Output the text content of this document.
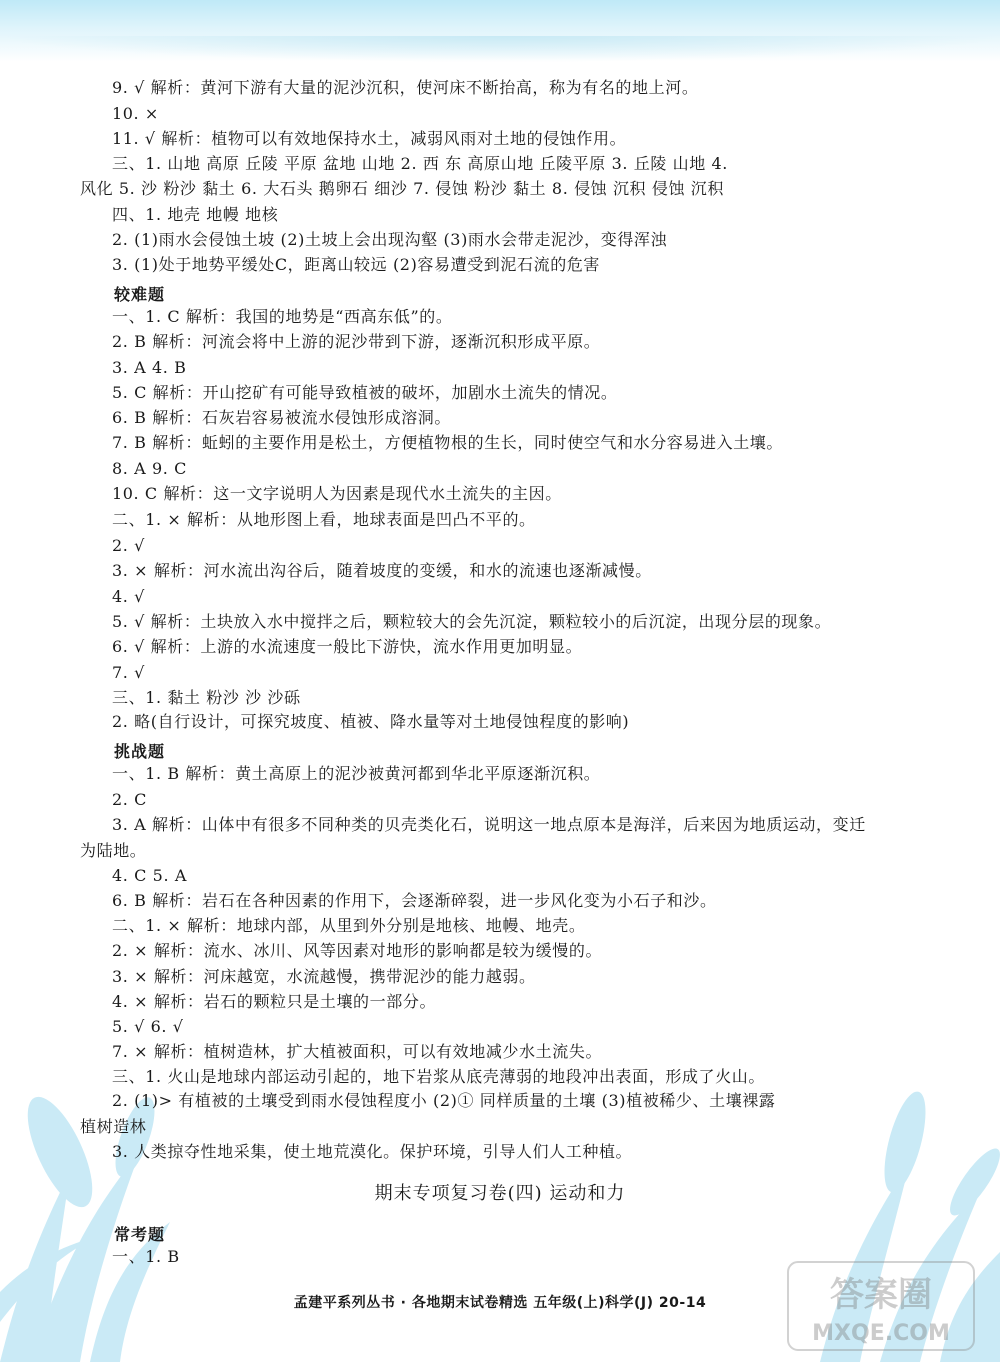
9. √ 解析：黄河下游有大量的泥沙沉积，使河床不断抬高，称为有名的地上河。
10. ×
11. √ 解析：植物可以有效地保持水土，减弱风雨对土地的侵蚀作用。
三、1. 山地 高原 丘陵 平原 盆地 山地 2. 西 东 高原山地 丘陵平原 3. 丘陵 山地 4.
风化 5. 沙 粉沙 黏土 6. 大石头 鹅卵石 细沙 7. 侵蚀 粉沙 黏土 8. 侵蚀 沉积 侵蚀 沉积
四、1. 地壳 地幔 地核
2. (1)雨水会侵蚀土坡 (2)土坡上会出现沟壑 (3)雨水会带走泥沙，变得浑浊
3. (1)处于地势平缓处C，距离山较远 (2)容易遭受到泥石流的危害
较难题
一、1. C 解析：我国的地势是“西高东低”的。
2. B 解析：河流会将中上游的泥沙带到下游，逐渐沉积形成平原。
3. A 4. B
5. C 解析：开山挖矿有可能导致植被的破坏，加剧水土流失的情况。
6. B 解析：石灰岩容易被流水侵蚀形成溶洞。
7. B 解析：蚯蚓的主要作用是松土，方便植物根的生长，同时使空气和水分容易进入土壤。
8. A 9. C
10. C 解析：这一文字说明人为因素是现代水土流失的主因。
二、1. × 解析：从地形图上看，地球表面是凹凸不平的。
2. √
3. × 解析：河水流出沟谷后，随着坡度的变缓，和水的流速也逐渐减慢。
4. √
5. √ 解析：土块放入水中搅拌之后，颗粒较大的会先沉淀，颗粒较小的后沉淀，出现分层的现象。
6. √ 解析：上游的水流速度一般比下游快，流水作用更加明显。
7. √
三、1. 黏土 粉沙 沙 沙砾
2. 略(自行设计，可探究坡度、植被、降水量等对土地侵蚀程度的影响)
挑战题
一、1. B 解析：黄土高原上的泥沙被黄河都到华北平原逐渐沉积。
2. C
3. A 解析：山体中有很多不同种类的贝壳类化石，说明这一地点原本是海洋，后来因为地质运动，变迁
为陆地。
4. C 5. A
6. B 解析：岩石在各种因素的作用下，会逐渐碎裂，进一步风化变为小石子和沙。
二、1. × 解析：地球内部，从里到外分别是地核、地幔、地壳。
2. × 解析：流水、冰川、风等因素对地形的影响都是较为缓慢的。
3. × 解析：河床越宽，水流越慢，携带泥沙的能力越弱。
4. × 解析：岩石的颗粒只是土壤的一部分。
5. √ 6. √
7. × 解析：植树造林，扩大植被面积，可以有效地减少水土流失。
三、1. 火山是地球内部运动引起的，地下岩浆从底壳薄弱的地段冲出表面，形成了火山。
2. (1)> 有植被的土壤受到雨水侵蚀程度小 (2)① 同样质量的土壤 (3)植被稀少、土壤裸露
植树造林
3. 人类掠夺性地采集，使土地荒漠化。保护环境，引导人们人工种植。
期末专项复习卷(四) 运动和力
常考题
一、1. B
孟建平系列丛书 · 各地期末试卷精选 五年级(上)科学(J) 20-14	答案圈
MXQE.COM
